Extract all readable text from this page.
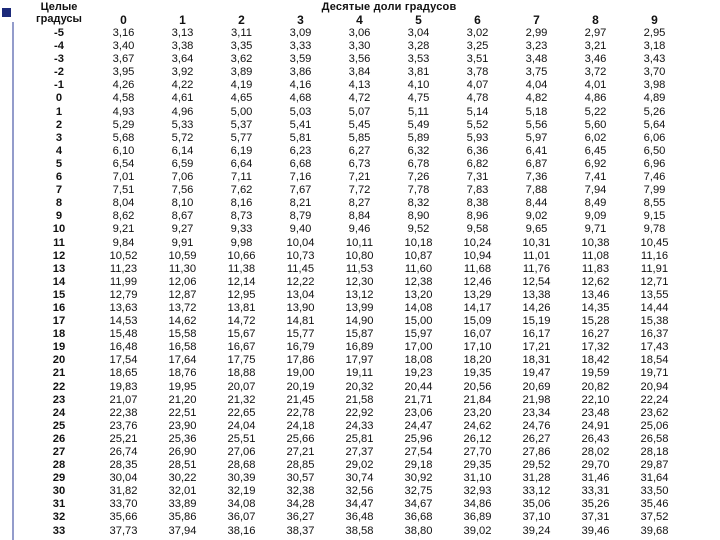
Целые
градусы	Десятые доли градусов									
	0	1	2	3	4	5	6	7	8	9
-5	3,16	3,13	3,11	3,09	3,06	3,04	3,02	2,99	2,97	2,95
-4	3,40	3,38	3,35	3,33	3,30	3,28	3,25	3,23	3,21	3,18
-3	3,67	3,64	3,62	3,59	3,56	3,53	3,51	3,48	3,46	3,43
-2	3,95	3,92	3,89	3,86	3,84	3,81	3,78	3,75	3,72	3,70
-1	4,26	4,22	4,19	4,16	4,13	4,10	4,07	4,04	4,01	3,98
0	4,58	4,61	4,65	4,68	4,72	4,75	4,78	4,82	4,86	4,89
1	4,93	4,96	5,00	5,03	5,07	5,11	5,14	5,18	5,22	5,26
2	5,29	5,33	5,37	5,41	5,45	5,49	5,52	5,56	5,60	5,64
3	5,68	5,72	5,77	5,81	5,85	5,89	5,93	5,97	6,02	6,06
4	6,10	6,14	6,19	6,23	6,27	6,32	6,36	6,41	6,45	6,50
5	6,54	6,59	6,64	6,68	6,73	6,78	6,82	6,87	6,92	6,96
6	7,01	7,06	7,11	7,16	7,21	7,26	7,31	7,36	7,41	7,46
7	7,51	7,56	7,62	7,67	7,72	7,78	7,83	7,88	7,94	7,99
8	8,04	8,10	8,16	8,21	8,27	8,32	8,38	8,44	8,49	8,55
9	8,62	8,67	8,73	8,79	8,84	8,90	8,96	9,02	9,09	9,15
10	9,21	9,27	9,33	9,40	9,46	9,52	9,58	9,65	9,71	9,78
11	9,84	9,91	9,98	10,04	10,11	10,18	10,24	10,31	10,38	10,45
12	10,52	10,59	10,66	10,73	10,80	10,87	10,94	11,01	11,08	11,16
13	11,23	11,30	11,38	11,45	11,53	11,60	11,68	11,76	11,83	11,91
14	11,99	12,06	12,14	12,22	12,30	12,38	12,46	12,54	12,62	12,71
15	12,79	12,87	12,95	13,04	13,12	13,20	13,29	13,38	13,46	13,55
16	13,63	13,72	13,81	13,90	13,99	14,08	14,17	14,26	14,35	14,44
17	14,53	14,62	14,72	14,81	14,90	15,00	15,09	15,19	15,28	15,38
18	15,48	15,58	15,67	15,77	15,87	15,97	16,07	16,17	16,27	16,37
19	16,48	16,58	16,67	16,79	16,89	17,00	17,10	17,21	17,32	17,43
20	17,54	17,64	17,75	17,86	17,97	18,08	18,20	18,31	18,42	18,54
21	18,65	18,76	18,88	19,00	19,11	19,23	19,35	19,47	19,59	19,71
22	19,83	19,95	20,07	20,19	20,32	20,44	20,56	20,69	20,82	20,94
23	21,07	21,20	21,32	21,45	21,58	21,71	21,84	21,98	22,10	22,24
24	22,38	22,51	22,65	22,78	22,92	23,06	23,20	23,34	23,48	23,62
25	23,76	23,90	24,04	24,18	24,33	24,47	24,62	24,76	24,91	25,06
26	25,21	25,36	25,51	25,66	25,81	25,96	26,12	26,27	26,43	26,58
27	26,74	26,90	27,06	27,21	27,37	27,54	27,70	27,86	28,02	28,18
28	28,35	28,51	28,68	28,85	29,02	29,18	29,35	29,52	29,70	29,87
29	30,04	30,22	30,39	30,57	30,74	30,92	31,10	31,28	31,46	31,64
30	31,82	32,01	32,19	32,38	32,56	32,75	32,93	33,12	33,31	33,50
31	33,70	33,89	34,08	34,28	34,47	34,67	34,86	35,06	35,26	35,46
32	35,66	35,86	36,07	36,27	36,48	36,68	36,89	37,10	37,31	37,52
33	37,73	37,94	38,16	38,37	38,58	38,80	39,02	39,24	39,46	39,68
